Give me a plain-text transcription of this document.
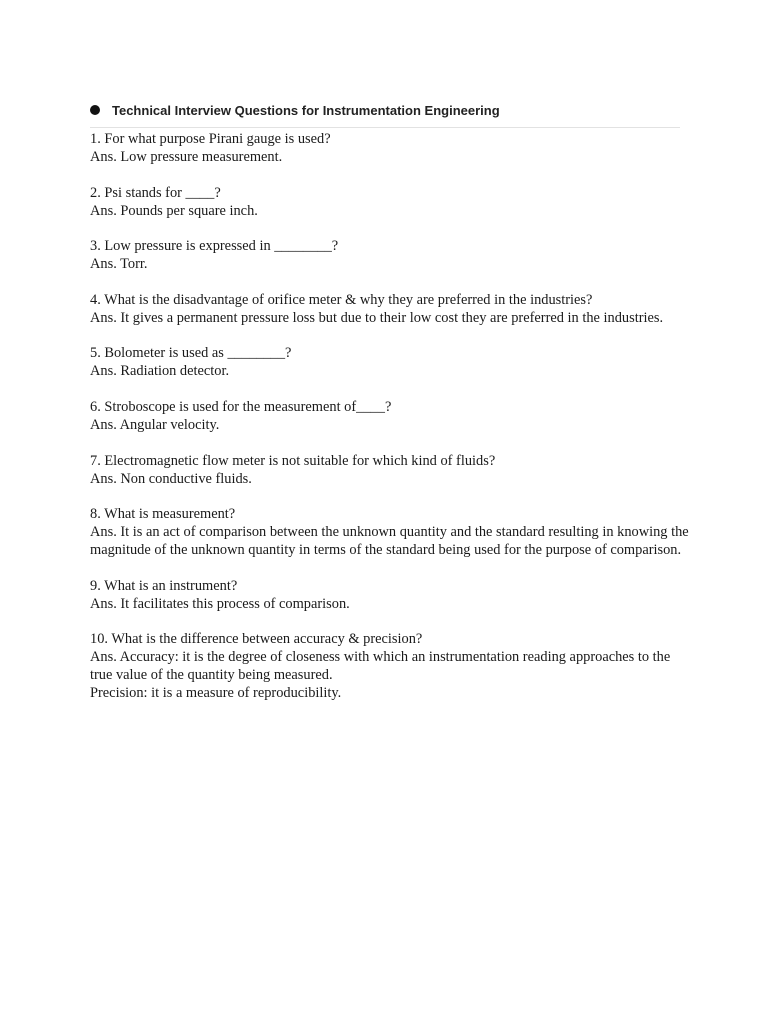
Technical Interview Questions for Instrumentation Engineering

1. For what purpose Pirani gauge is used?

Ans. Low pressure measurement.

2. Psi stands for ____?

Ans. Pounds per square inch.

3. Low pressure is expressed in ________?

Ans. Torr.

4. What is the disadvantage of orifice meter & why they are preferred in the industries?

Ans. It gives a permanent pressure loss but due to their low cost they are preferred in the industries.

5. Bolometer is used as ________?

Ans. Radiation detector.

6. Stroboscope is used for the measurement of____?

Ans. Angular velocity.

7. Electromagnetic flow meter is not suitable for which kind of fluids?

Ans. Non conductive fluids.

8. What is measurement?

Ans. It is an act of comparison between the unknown quantity and the standard resulting in knowing the magnitude of the unknown quantity in terms of the standard being used for the purpose of comparison.

9. What is an instrument?

Ans. It facilitates this process of comparison.

10. What is the difference between accuracy & precision?

Ans. Accuracy: it is the degree of closeness with which an instrumentation reading approaches to the true value of the quantity being measured.

Precision: it is a measure of reproducibility.
